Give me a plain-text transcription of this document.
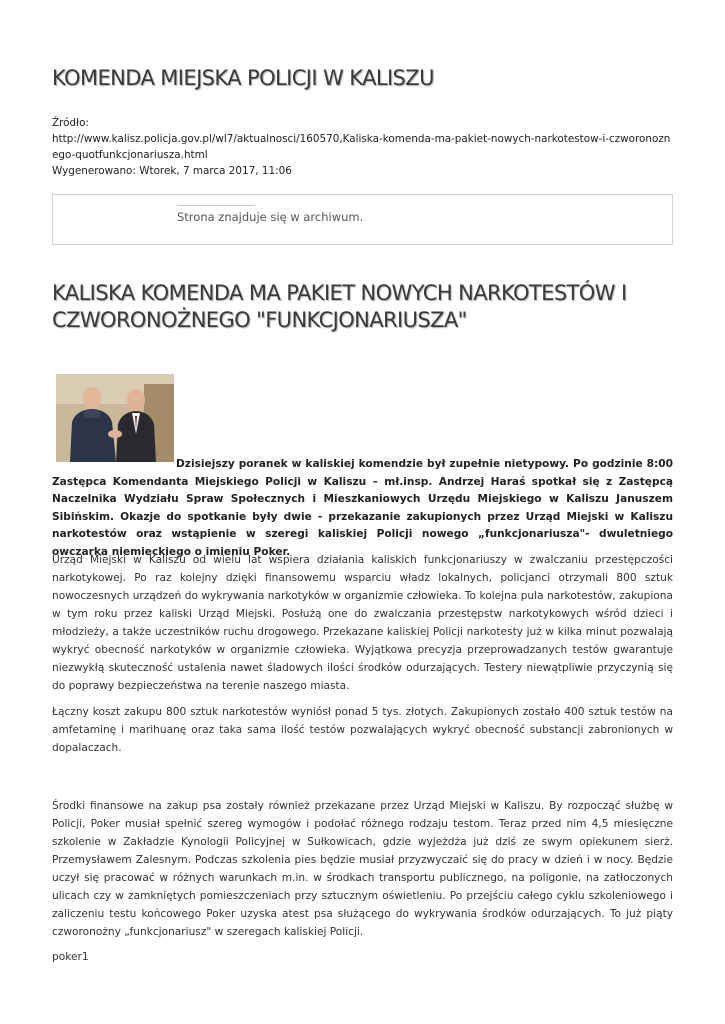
KOMENDA MIEJSKA POLICJI W KALISZU
Źródło:
http://www.kalisz.policja.gov.pl/wl7/aktualnosci/160570,Kaliska-komenda-ma-pakiet-nowych-narkotestow-i-czworonoznego-quotfunkcjonariusza.html
Wygenerowano: Wtorek, 7 marca 2017, 11:06
Strona znajduje się w archiwum.
KALISKA KOMENDA MA PAKIET NOWYCH NARKOTESTÓW I CZWORONOŻNEGO "FUNKCJONARIUSZA"
Dzisiejszy poranek w kaliskiej komendzie był zupełnie nietypowy. Po godzinie 8:00 Zastępca Komendanta Miejskiego Policji w Kaliszu – mł.insp. Andrzej Haraś spotkał się z Zastępcą Naczelnika Wydziału Spraw Społecznych i Mieszkaniowych Urzędu Miejskiego w Kaliszu Januszem Sibińskim. Okazje do spotkanie były dwie - przekazanie zakupionych przez Urząd Miejski w Kaliszu narkotestów oraz wstąpienie w szeregi kaliskiej Policji nowego „funkcjonariusza"- dwuletniego owczarka niemieckiego o imieniu Poker.

Urząd Miejski w Kaliszu od wielu lat wspiera działania kaliskich funkcjonariuszy w zwalczaniu przestępczości narkotykowej. Po raz kolejny dzięki finansowemu wsparciu władz lokalnych, policjanci otrzymali 800 sztuk nowoczesnych urządzeń do wykrywania narkotyków w organizmie człowieka. To kolejna pula narkotestów, zakupiona w tym roku przez kaliski Urząd Miejski. Posłużą one do zwalczania przestępstw narkotykowych wśród dzieci i młodzieży, a także uczestników ruchu drogowego. Przekazane kaliskiej Policji narkotesty już w kilka minut pozwalają wykryć obecność narkotyków w organizmie człowieka. Wyjątkowa precyzja przeprowadzanych testów gwarantuje niezwykłą skuteczność ustalenia nawet śladowych ilości środków odurzających. Testery niewątpliwie przyczynią się do poprawy bezpieczeństwa na terenie naszego miasta.

Łączny koszt zakupu 800 sztuk narkotestów wyniósł ponad 5 tys. złotych. Zakupionych zostało 400 sztuk testów na amfetaminę i marihuanę oraz taka sama ilość testów pozwalających wykryć obecność substancji zabronionych w dopalaczach.

Środki finansowe na zakup psa zostały również przekazane przez Urząd Miejski w Kaliszu. By rozpocząć służbę w Policji, Poker musiał spełnić szereg wymogów i podołać różnego rodzaju testom. Teraz przed nim 4,5 miesięczne szkolenie w Zakładzie Kynologii Policyjnej w Sułkowicach, gdzie wyjeżdża już dziś ze swym opiekunem sierż. Przemysławem Zalesnym. Podczas szkolenia pies będzie musiał przyzwyczaić się do pracy w dzień i w nocy. Będzie uczył się pracować w różnych warunkach m.in. w środkach transportu publicznego, na poligonie, na zatłoczonych ulicach czy w zamkniętych pomieszczeniach przy sztucznym oświetleniu. Po przejściu całego cyklu szkoleniowego i zaliczeniu testu końcowego Poker uzyska atest psa służącego do wykrywania środków odurzających. To już piąty czworonożny „funkcjonariusz" w szeregach kaliskiej Policji.

poker1
